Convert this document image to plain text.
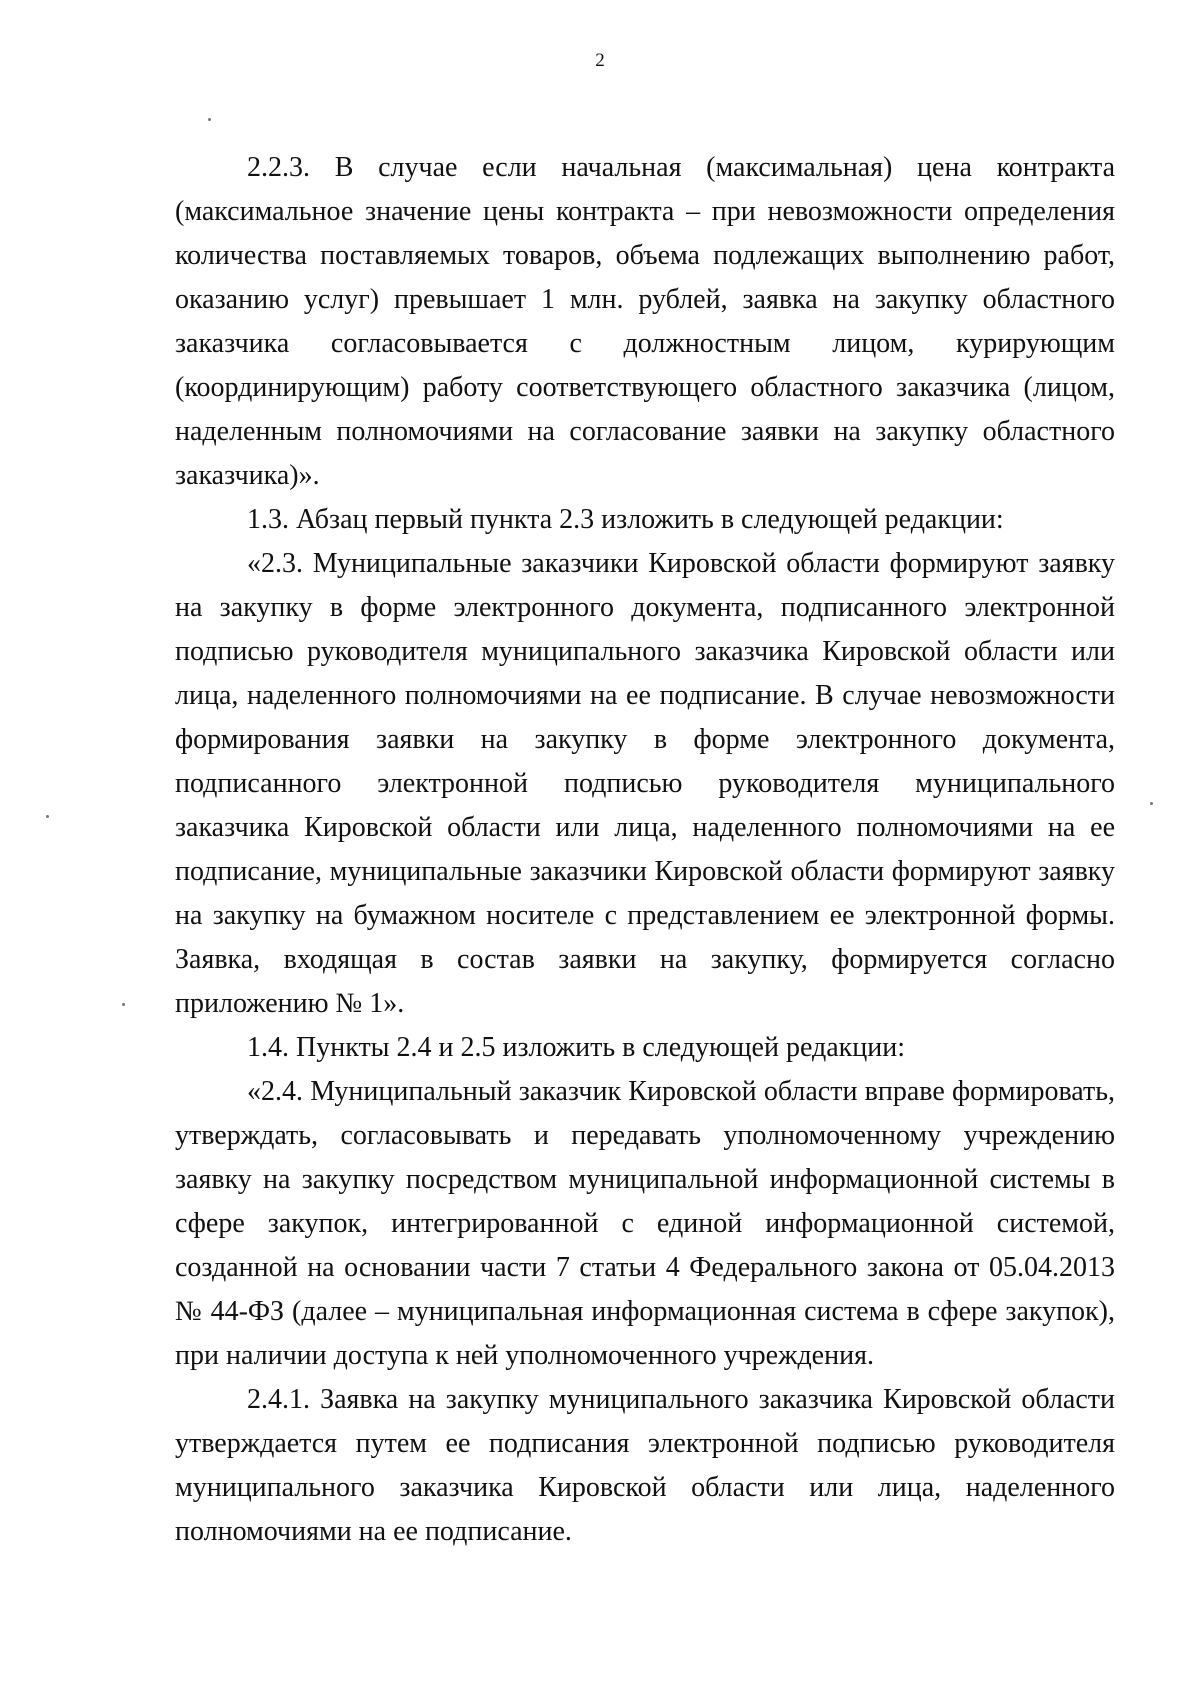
2

2.2.3. В случае если начальная (максимальная) цена контракта (максимальное значение цены контракта – при невозможности определения количества поставляемых товаров, объема подлежащих выполнению работ, оказанию услуг) превышает 1 млн. рублей, заявка на закупку областного заказчика согласовывается с должностным лицом, курирующим (координирующим) работу соответствующего областного заказчика (лицом, наделенным полномочиями на согласование заявки на закупку областного заказчика)».

1.3. Абзац первый пункта 2.3 изложить в следующей редакции:

«2.3. Муниципальные заказчики Кировской области формируют заявку на закупку в форме электронного документа, подписанного электронной подписью руководителя муниципального заказчика Кировской области или лица, наделенного полномочиями на ее подписание. В случае невозможности формирования заявки на закупку в форме электронного документа, подписанного электронной подписью руководителя муниципального заказчика Кировской области или лица, наделенного полномочиями на ее подписание, муниципальные заказчики Кировской области формируют заявку на закупку на бумажном носителе с представлением ее электронной формы. Заявка, входящая в состав заявки на закупку, формируется согласно приложению № 1».

1.4. Пункты 2.4 и 2.5 изложить в следующей редакции:

«2.4. Муниципальный заказчик Кировской области вправе формировать, утверждать, согласовывать и передавать уполномоченному учреждению заявку на закупку посредством муниципальной информационной системы в сфере закупок, интегрированной с единой информационной системой, созданной на основании части 7 статьи 4 Федерального закона от 05.04.2013 № 44-ФЗ (далее – муниципальная информационная система в сфере закупок), при наличии доступа к ней уполномоченного учреждения.

2.4.1. Заявка на закупку муниципального заказчика Кировской области утверждается путем ее подписания электронной подписью руководителя муниципального заказчика Кировской области или лица, наделенного полномочиями на ее подписание.
